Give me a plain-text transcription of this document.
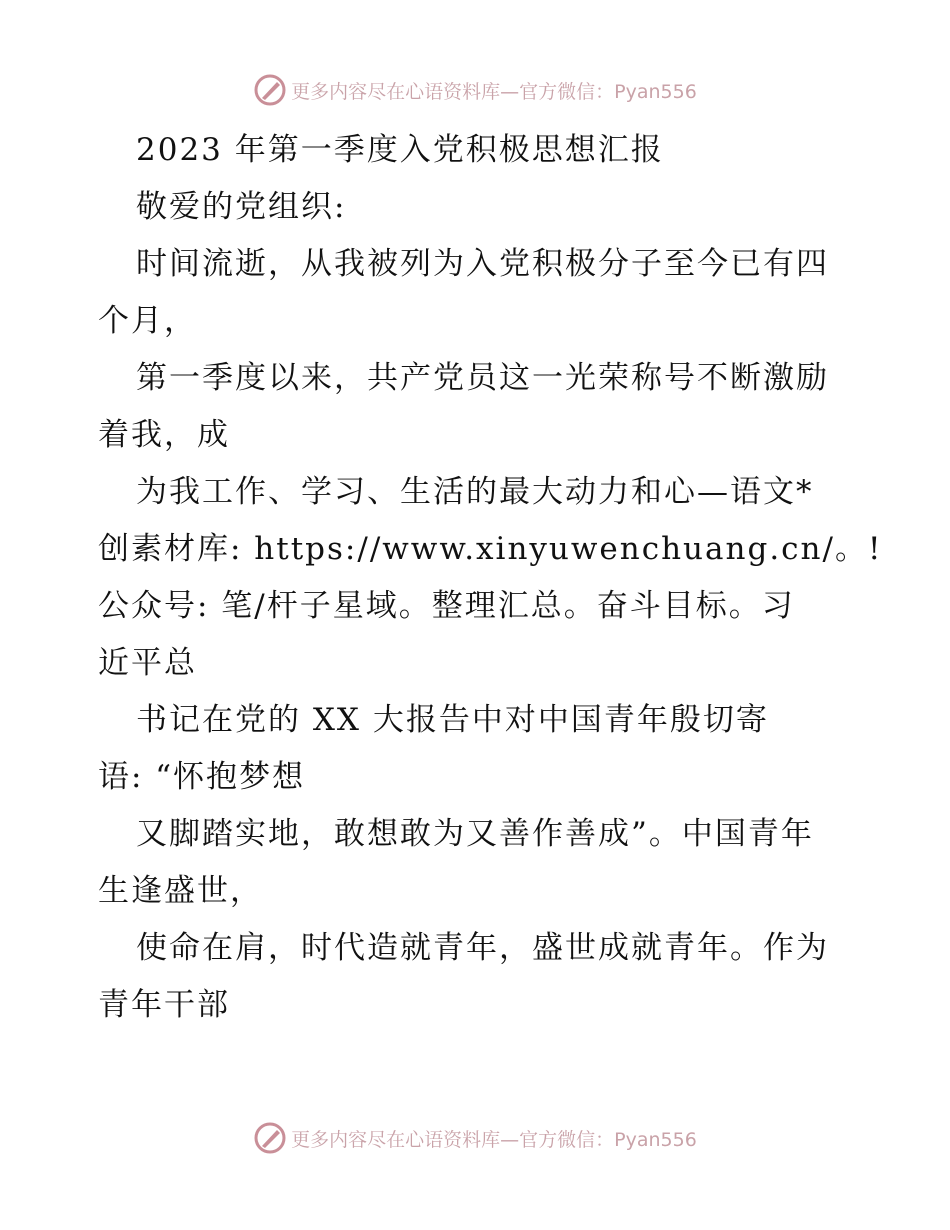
更多内容尽在心语资料库—官方微信：Pyan556
2023 年第一季度入党积极思想汇报
敬爱的党组织:
时间流逝，从我被列为入党积极分子至今已有四
个月，
第一季度以来，共产党员这一光荣称号不断激励
着我，成
为我工作、学习、生活的最大动力和心—语文*
创素材库: https://www.xinyuwenchuang.cn/。!
公众号: 笔/杆子星域。整理汇总。奋斗目标。习
近平总
书记在党的 XX 大报告中对中国青年殷切寄
语: “怀抱梦想
又脚踏实地，敢想敢为又善作善成”。中国青年
生逢盛世，
使命在肩，时代造就青年，盛世成就青年。作为
青年干部
更多内容尽在心语资料库—官方微信：Pyan556
